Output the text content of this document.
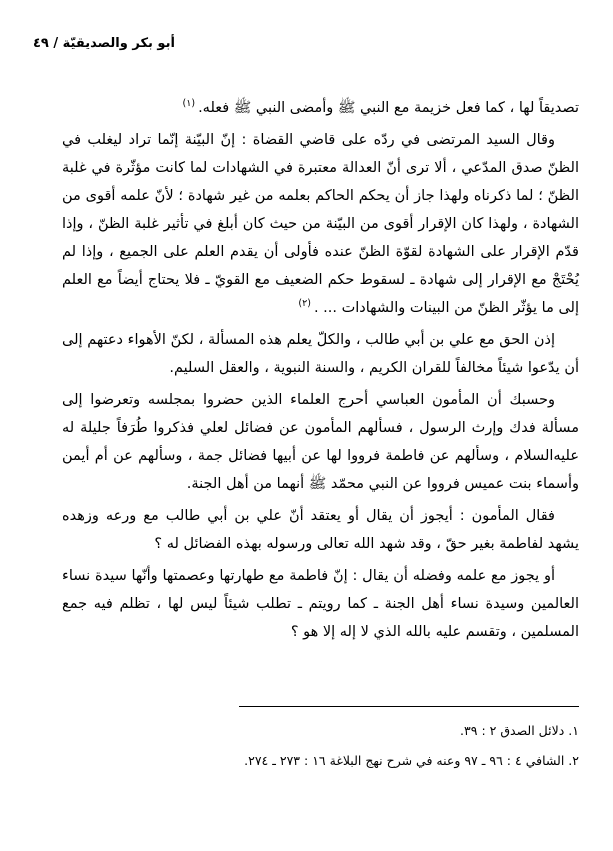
أبو بكر والصديقيّة / ٤٩

تصديقاً لها ، كما فعل خزيمة مع النبي ﷺ وأمضى النبي ﷺ فعله. $^{(١)}$

وقال السيد المرتضى في ردّه على قاضي القضاة : إنّ البيّنة إنّما تراد ليغلب في الظنّ صدق المدّعي ، ألا ترى أنّ العدالة معتبرة في الشهادات لما كانت مؤثّرة في غلبة الظنّ ؛ لما ذكرناه ولهذا جاز أن يحكم الحاكم بعلمه من غير شهادة ؛ لأنّ علمه أقوى من الشهادة ، ولهذا كان الإقرار أقوى من البيّنة من حيث كان أبلغ في تأثير غلبة الظنّ ، وإذا قدّم الإقرار على الشهادة لقوّة الظنّ عنده فأولى أن يقدم العلم على الجميع ، وإذا لم يُحْتَجْ مع الإقرار إلى شهادة ـ لسقوط حكم الضعيف مع القويّ ـ فلا يحتاج أيضاً مع العلم إلى ما يؤثّر الظنّ من البينات والشهادات ... . $^{(٢)}$

إذن الحق مع علي بن أبي طالب ، والكلّ يعلم هذه المسألة ، لكنّ الأهواء دعتهم إلى أن يدّعوا شيئاً مخالفاً للقران الكريم ، والسنة النبوية ، والعقل السليم.

وحسبك أن المأمون العباسي أحرج العلماء الذين حضروا بمجلسه وتعرضوا إلى مسألة فدك وإرث الرسول ، فسألهم المأمون عن فضائل لعلي فذكروا طُرَفاً جليلة له عليه‌السلام ، وسألهم عن فاطمة فرووا لها عن أبيها فضائل جمة ، وسألهم عن أم أيمن وأسماء بنت عميس فرووا عن النبي محمّد ﷺ أنهما من أهل الجنة.

فقال المأمون : أيجوز أن يقال أو يعتقد أنّ علي بن أبي طالب مع ورعه وزهده يشهد لفاطمة بغير حقّ ، وقد شهد الله تعالى ورسوله بهذه الفضائل له ؟

أو يجوز مع علمه وفضله أن يقال : إنّ فاطمة مع طهارتها وعصمتها وأنّها سيدة نساء العالمين وسيدة نساء أهل الجنة ـ كما رويتم ـ تطلب شيئاً ليس لها ، تظلم فيه جمع المسلمين ، وتقسم عليه بالله الذي لا إله إلا هو ؟

١. دلائل الصدق ٢ : ٣٩.

٢. الشافي ٤ : ٩٦ ـ ٩٧ وعنه في شرح نهج البلاغة ١٦ : ٢٧٣ ـ ٢٧٤.
